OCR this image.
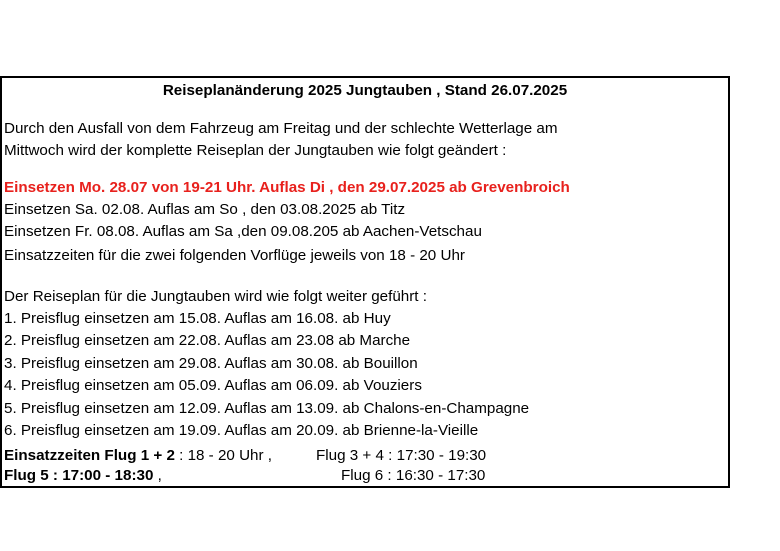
Reiseplanänderung 2025 Jungtauben , Stand 26.07.2025
Durch den Ausfall von dem Fahrzeug am Freitag und der schlechte Wetterlage am
Mittwoch wird der komplette Reiseplan der Jungtauben wie folgt geändert :
Einsetzen Mo. 28.07 von 19-21 Uhr. Auflas Di , den 29.07.2025 ab Grevenbroich
Einsetzen Sa. 02.08. Auflas am So , den 03.08.2025 ab Titz
Einsetzen Fr. 08.08. Auflas am Sa ,den 09.08.205 ab Aachen-Vetschau
Einsatzzeiten für die zwei folgenden Vorflüge jeweils von 18 - 20 Uhr
Der Reiseplan für die Jungtauben wird wie folgt weiter geführt :
1. Preisflug einsetzen am 15.08. Auflas am 16.08. ab Huy
2. Preisflug einsetzen am 22.08. Auflas am 23.08 ab Marche
3. Preisflug einsetzen am 29.08. Auflas am 30.08. ab Bouillon
4. Preisflug einsetzen am 05.09. Auflas am 06.09. ab Vouziers
5. Preisflug einsetzen am 12.09. Auflas am 13.09. ab Chalons-en-Champagne
6. Preisflug einsetzen am 19.09. Auflas am 20.09. ab Brienne-la-Vieille
Einsatzzeiten Flug 1 + 2 : 18 - 20 Uhr ,	Flug 3 + 4 : 17:30 - 19:30
Flug 5 : 17:00 - 18:30 ,	Flug 6 : 16:30 - 17:30
